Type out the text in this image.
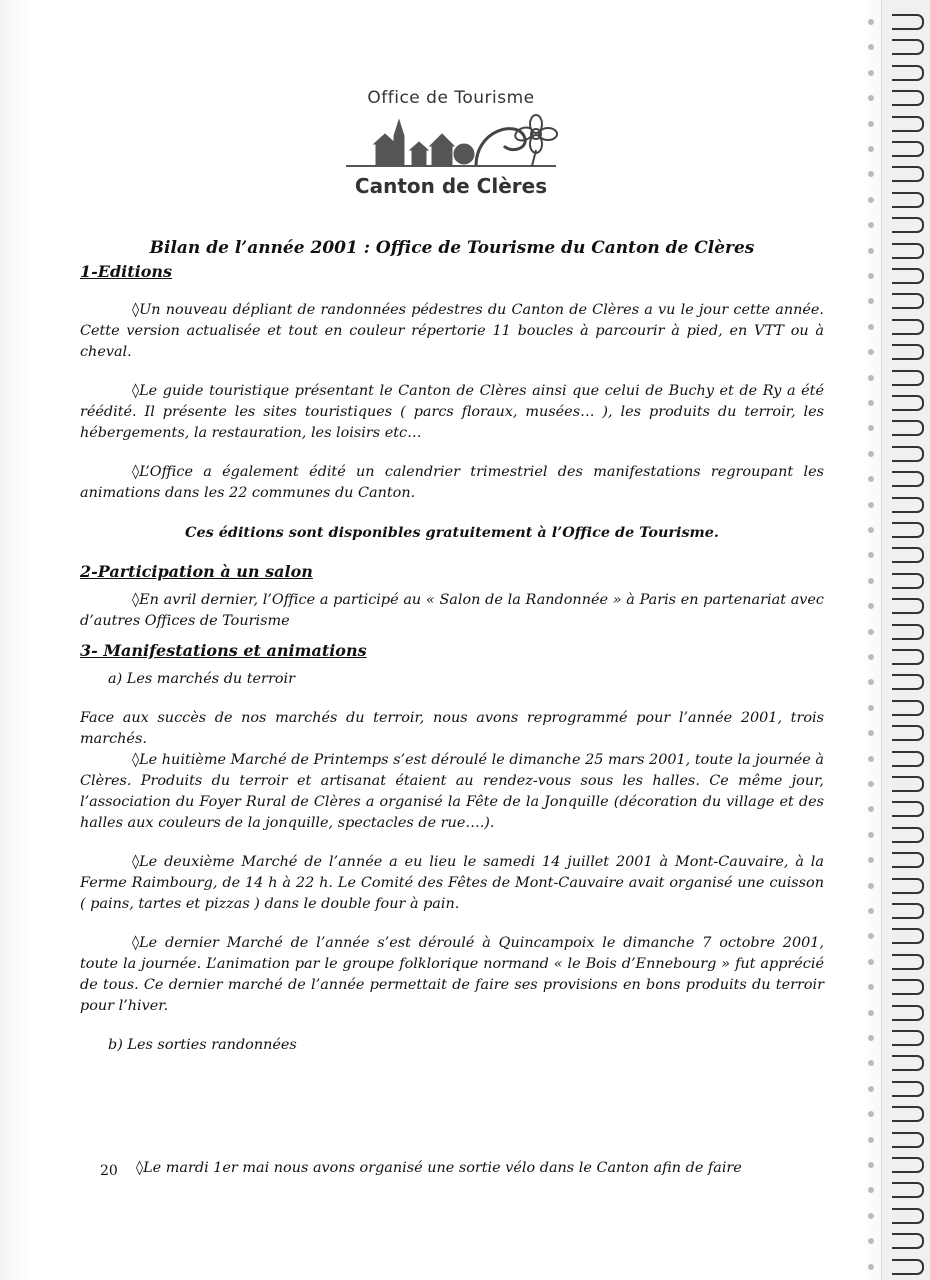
Office de Tourisme
Canton de Clères

Bilan de l’année 2001 : Office de Tourisme du Canton de Clères

1-Editions

◊Un nouveau dépliant de randonnées pédestres du Canton de Clères a vu le jour cette année. Cette version actualisée et tout en couleur répertorie 11 boucles à parcourir à pied, en VTT ou à cheval.

◊Le guide touristique présentant le Canton de Clères ainsi que celui de Buchy et de Ry a été réédité. Il présente les sites touristiques ( parcs floraux, musées… ), les produits du terroir, les hébergements, la restauration, les loisirs etc…

◊L’Office a également édité un calendrier trimestriel des manifestations regroupant les animations dans les 22 communes du Canton.

Ces éditions sont disponibles gratuitement à l’Office de Tourisme.

2-Participation à un salon

◊En avril dernier, l’Office a participé au « Salon de la Randonnée » à Paris en partenariat avec d’autres Offices de Tourisme

3- Manifestations et animations

a) Les marchés du terroir

Face aux succès de nos marchés du terroir, nous avons reprogrammé pour l’année 2001, trois marchés.

◊Le huitième Marché de Printemps s’est déroulé le dimanche 25 mars 2001, toute la journée à Clères. Produits du terroir et artisanat étaient au rendez-vous sous les halles. Ce même jour, l’association du Foyer Rural de Clères a organisé la Fête de la Jonquille (décoration du village et des halles aux couleurs de la jonquille, spectacles de rue….).

◊Le deuxième Marché de l’année a eu lieu le samedi 14 juillet 2001 à Mont-Cauvaire, à la Ferme Raimbourg, de 14 h à 22 h. Le Comité des Fêtes de Mont-Cauvaire avait organisé une cuisson ( pains, tartes et pizzas ) dans le double four à pain.

◊Le dernier Marché de l’année s’est déroulé à Quincampoix le dimanche 7 octobre 2001, toute la journée. L’animation par le groupe folklorique normand « le Bois d’Ennebourg » fut apprécié de tous. Ce dernier marché de l’année permettait de faire ses provisions en bons produits du terroir pour l’hiver.

b) Les sorties randonnées

20 ◊Le mardi 1er mai nous avons organisé une sortie vélo dans le Canton afin de faire
